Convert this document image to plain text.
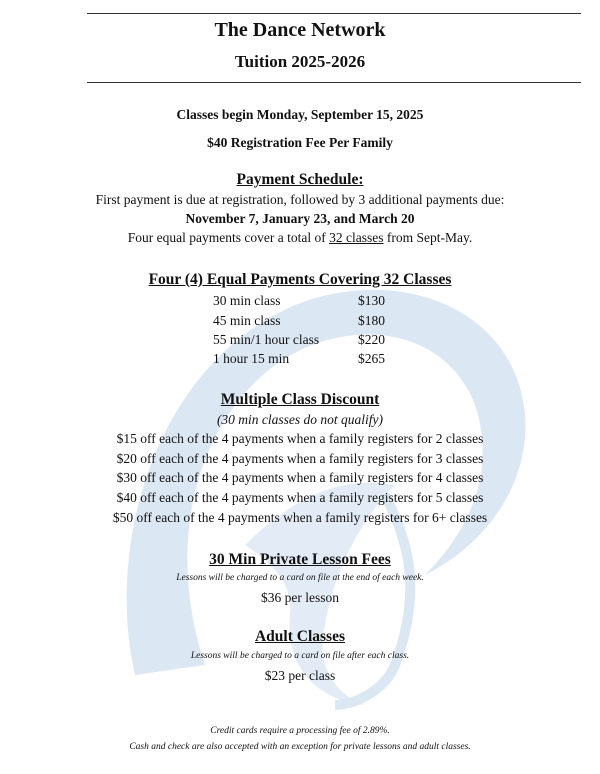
The Dance Network
Tuition 2025-2026
Classes begin Monday, September 15, 2025
$40 Registration Fee Per Family
Payment Schedule:
First payment is due at registration, followed by 3 additional payments due:
November 7, January 23, and March 20
Four equal payments cover a total of 32 classes from Sept-May.
Four (4) Equal Payments Covering 32 Classes
30 min class	$130
45 min class	$180
55 min/1 hour class	$220
1 hour 15 min	$265
Multiple Class Discount
(30 min classes do not qualify)
$15 off each of the 4 payments when a family registers for 2 classes
$20 off each of the 4 payments when a family registers for 3 classes
$30 off each of the 4 payments when a family registers for 4 classes
$40 off each of the 4 payments when a family registers for 5 classes
$50 off each of the 4 payments when a family registers for 6+ classes
30 Min Private Lesson Fees
Lessons will be charged to a card on file at the end of each week.
$36 per lesson
Adult Classes
Lessons will be charged to a card on file after each class.
$23 per class
Credit cards require a processing fee of 2.89%.
Cash and check are also accepted with an exception for private lessons and adult classes.
